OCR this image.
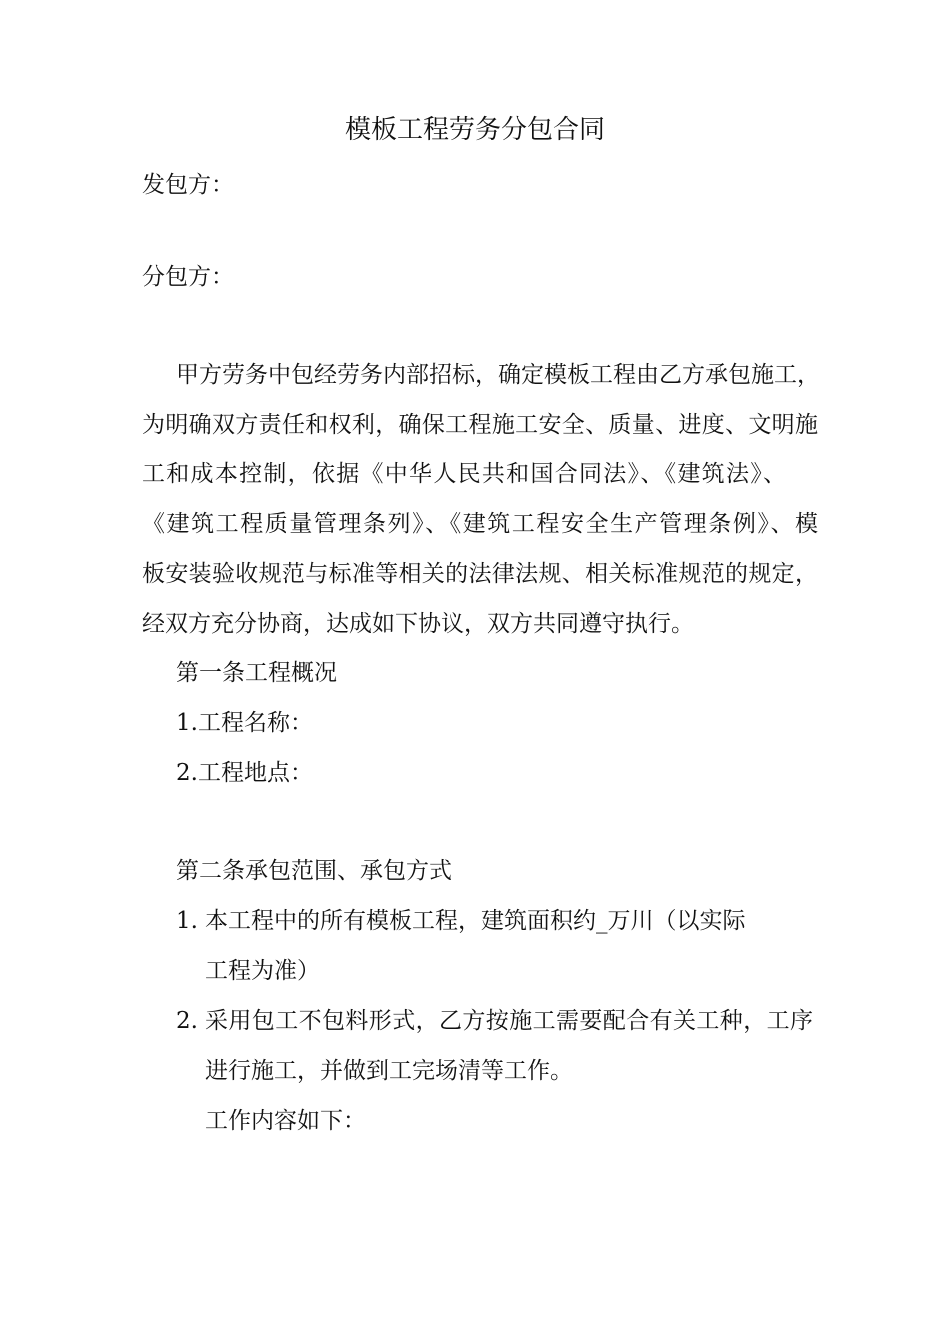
模板工程劳务分包合同
发包方：
分包方：
甲方劳务中包经劳务内部招标，确定模板工程由乙方承包施工，
为明确双方责任和权利，确保工程施工安全、质量、进度、文明施
工和成本控制，依据《中华人民共和国合同法》、《建筑法》、
《建筑工程质量管理条列》、《建筑工程安全生产管理条例》、模
板安装验收规范与标准等相关的法律法规、相关标准规范的规定，
经双方充分协商，达成如下协议，双方共同遵守执行。
第一条工程概况
1.工程名称：
2.工程地点：
第二条承包范围、承包方式
1. 本工程中的所有模板工程，建筑面积约_万川（以实际
工程为准）
2. 采用包工不包料形式，乙方按施工需要配合有关工种，工序
进行施工，并做到工完场清等工作。
工作内容如下：
